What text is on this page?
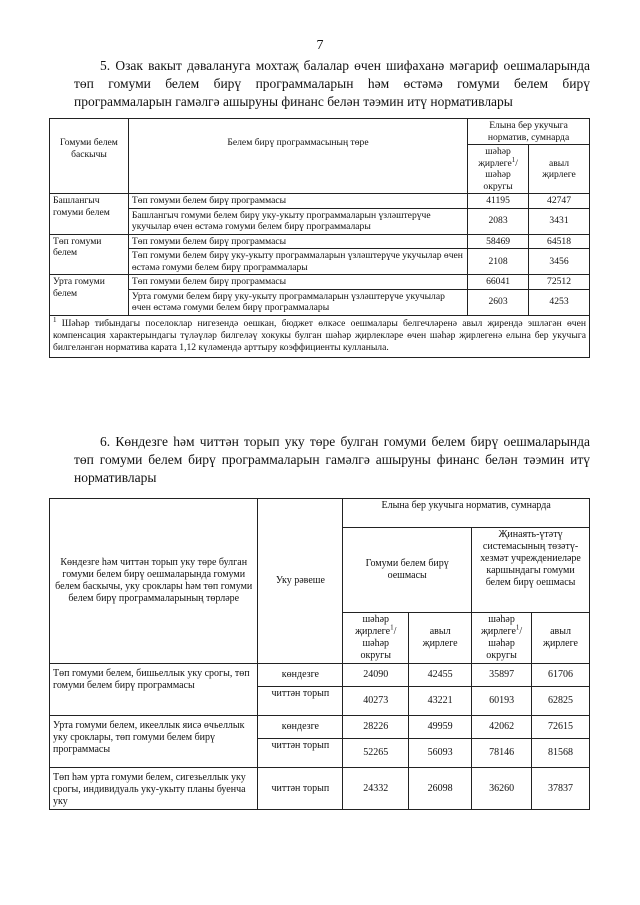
7
5. Озак вакыт дәваланугa мохтаҗ балалар өчен шифаханә мәгариф оешмаларында төп гомуми белем бирү программаларын һәм өстәмә гомуми белем бирү программаларын гамәлгә ашыруны финанс белән тәэмин итү нормативлары
Гомуми белем баскычы	Белем бирү программасының төре	Елына бер укучыга норматив, сумнарда	
		шәһәр җирлеге$^1$/ шәһәр округы	авыл җирлеге
Башлангыч гомуми белем	Төп гомуми белем бирү программасы	41195	42747
	Башлангыч гомуми белем бирү уку-укыту программаларын үзләштерүче укучылар өчен өстәмә гомуми белем бирү программалары	2083	3431
Төп гомуми белем	Төп гомуми белем бирү программасы	58469	64518
	Төп гомуми белем бирү уку-укыту программаларын үзләштерүче укучылар өчен өстәмә гомуми белем бирү программалары	2108	3456
Урта гомуми белем	Төп гомуми белем бирү программасы	66041	72512
	Урта гомуми белем бирү уку-укыту программаларын үзләштерүче укучылар өчен өстәмә гомуми белем бирү программалары	2603	4253
$^1$ Шәһәр тибындагы поселоклар нигезендә оешкан, бюджет өлкәсе оешмалары белгечләренә авыл җирендә эшләгән өчен компенсация характерындагы түләүләр билгеләү хокукы булган шәһәр җирлекләре өчен шәһәр җирлегенә елына бер укучыга билгеләнгән норматива карата 1,12 күләмендә арттыру коэффициенты кулланыла.			
6. Көндезге һәм читтән торып уку төре булган гомуми белем бирү оешмаларында төп гомуми белем бирү программаларын гамәлгә ашыруны финанс белән тәэмин итү нормативлары
Көндезге һәм читтән торып уку төре булган гомуми белем бирү оешмаларында гомуми белем баскычы, уку сроклары һәм төп гомуми белем бирү программаларының төрләре	Уку рәвеше	Елына бер укучыга норматив, сумнарда			
		Гомуми белем бирү оешмасы		Җинаять-үтәтү системасының төзәтү-хезмәт учреждениеләре каршындагы гомуми белем бирү оешмасы	
		шәһәр җирлеге$^1$/ шәһәр округы	авыл җирлеге	шәһәр җирлеге$^1$/ шәһәр округы	авыл җирлеге
Төп гомуми белем, бишьеллык уку срогы, төп гомуми белем бирү программасы	көндезге	24090	42455	35897	61706
	читтән торып	40273	43221	60193	62825
Урта гомуми белем, икееллык яисә өчьеллык уку сроклары, төп гомуми белем бирү программасы	көндезге	28226	49959	42062	72615
	читтән торып	52265	56093	78146	81568
Төп һәм урта гомуми белем, сигезьеллык уку срогы, индивидуаль уку-укыту планы буенча уку	читтән торып	24332	26098	36260	37837
